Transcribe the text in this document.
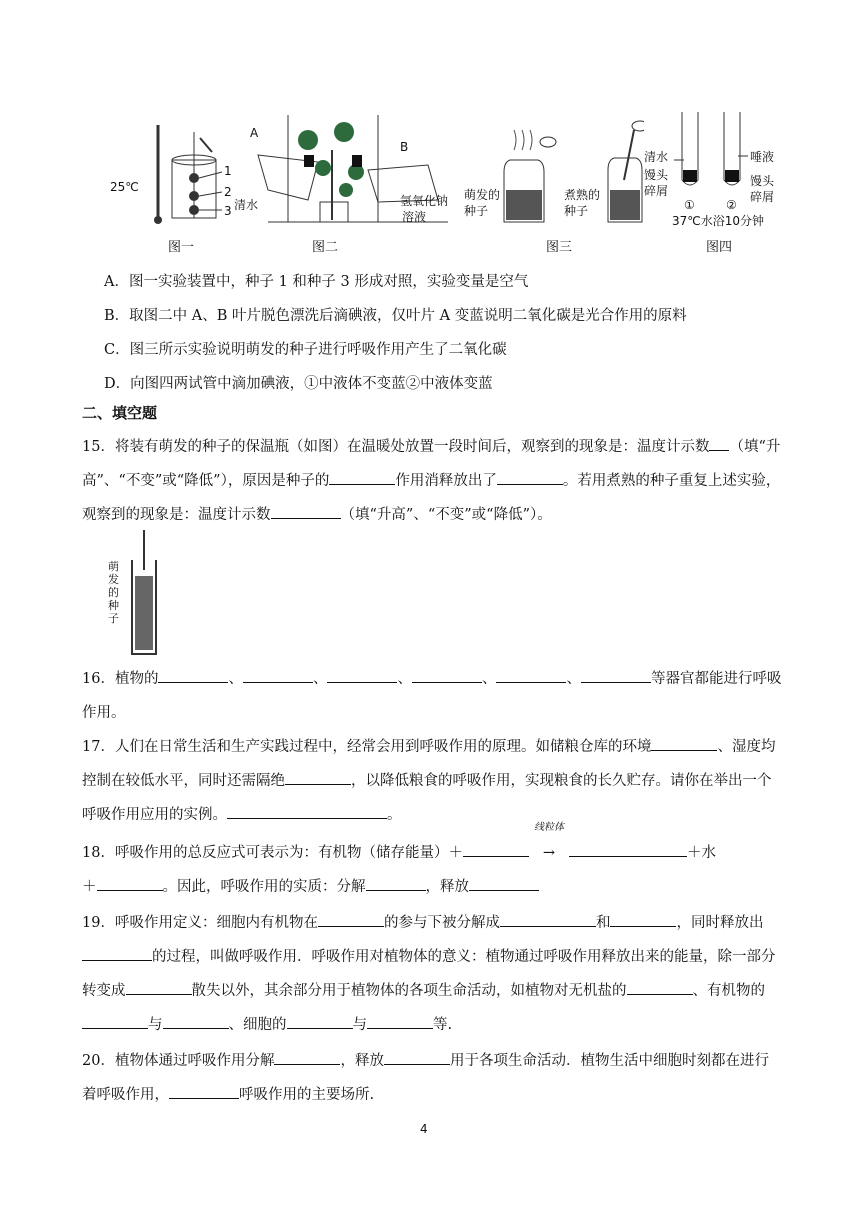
25℃
1
2
3
图一
A
B
清水	氢氧化钠
溶液
图二
萌发的
种子
煮熟的
种子
图三
清水
馒头
碎屑
唾液
馒头
碎屑
①	②
37℃水浴10分钟
图四
A．图一实验装置中，种子 1 和种子 3 形成对照，实验变量是空气
B．取图二中 A、B 叶片脱色漂洗后滴碘液，仅叶片 A 变蓝说明二氧化碳是光合作用的原料
C．图三所示实验说明萌发的种子进行呼吸作用产生了二氧化碳
D．向图四两试管中滴加碘液，①中液体不变蓝②中液体变蓝
二、填空题
15．将装有萌发的种子的保温瓶（如图）在温暖处放置一段时间后，观察到的现象是：温度计示数 （填“升高”、“不变”或“降低”），原因是种子的	作用消释放出了	。若用煮熟的种子重复上述实验，观察到的现象是：温度计示数	（填“升高”、“不变”或“降低”）。
萌发的种子
16．植物的	、	、	、	、	、	等器官都能进行呼吸作用。
17．人们在日常生活和生产实践过程中，经常会用到呼吸作用的原理。如储粮仓库的环境	、湿度均控制在较低水平，同时还需隔绝	，以降低粮食的呼吸作用，实现粮食的长久贮存。请你在举出一个呼吸作用应用的实例。	。
18．呼吸作用的总反应式可表示为：有机物（储存能量）＋
线粒体
→	＋水
＋	。因此，呼吸作用的实质：分解	，释放
19．呼吸作用定义：细胞内有机物在	的参与下被分解成	和	，同时释放出的过程，叫做呼吸作用．呼吸作用对植物体的意义：植物通过呼吸作用释放出来的能量，除一部分转变成	散失以外，其余部分用于植物体的各项生命活动，如植物对无机盐的	、有机物的与	、细胞的	与	等.
20．植物体通过呼吸作用分解	，释放	用于各项生命活动．植物生活中细胞时刻都在进行着呼吸作用，	呼吸作用的主要场所.
4
